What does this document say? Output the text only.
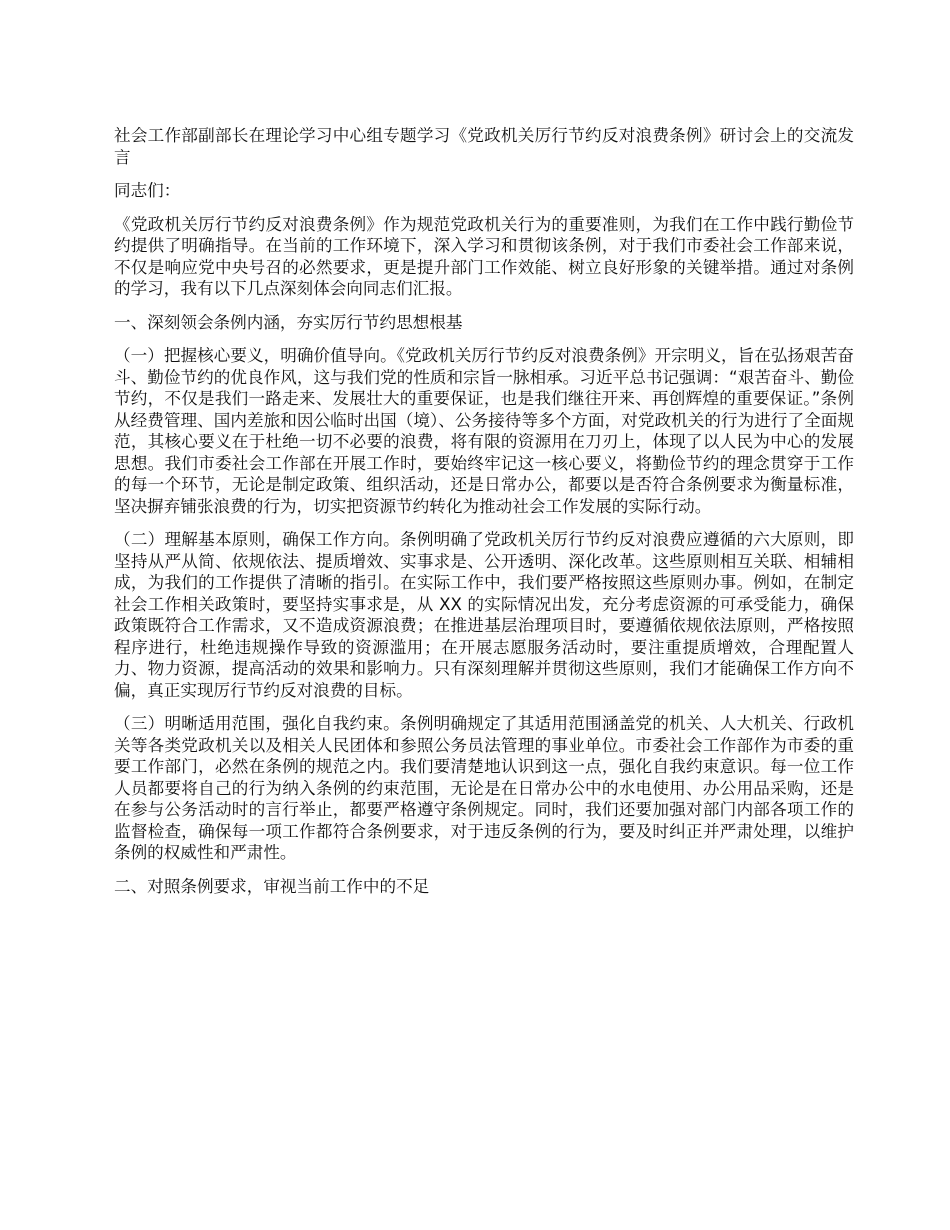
社会工作部副部长在理论学习中心组专题学习《党政机关厉行节约反对浪费条例》研讨会上的交流发言

同志们：

《党政机关厉行节约反对浪费条例》作为规范党政机关行为的重要准则，为我们在工作中践行勤俭节约提供了明确指导。在当前的工作环境下，深入学习和贯彻该条例，对于我们市委社会工作部来说，不仅是响应党中央号召的必然要求，更是提升部门工作效能、树立良好形象的关键举措。通过对条例的学习，我有以下几点深刻体会向同志们汇报。

一、深刻领会条例内涵，夯实厉行节约思想根基

（一）把握核心要义，明确价值导向。《党政机关厉行节约反对浪费条例》开宗明义，旨在弘扬艰苦奋斗、勤俭节约的优良作风，这与我们党的性质和宗旨一脉相承。习近平总书记强调：“艰苦奋斗、勤俭节约，不仅是我们一路走来、发展壮大的重要保证，也是我们继往开来、再创辉煌的重要保证。”条例从经费管理、国内差旅和因公临时出国（境）、公务接待等多个方面，对党政机关的行为进行了全面规范，其核心要义在于杜绝一切不必要的浪费，将有限的资源用在刀刃上，体现了以人民为中心的发展思想。我们市委社会工作部在开展工作时，要始终牢记这一核心要义，将勤俭节约的理念贯穿于工作的每一个环节，无论是制定政策、组织活动，还是日常办公，都要以是否符合条例要求为衡量标准，坚决摒弃铺张浪费的行为，切实把资源节约转化为推动社会工作发展的实际行动。

（二）理解基本原则，确保工作方向。条例明确了党政机关厉行节约反对浪费应遵循的六大原则，即坚持从严从简、依规依法、提质增效、实事求是、公开透明、深化改革。这些原则相互关联、相辅相成，为我们的工作提供了清晰的指引。在实际工作中，我们要严格按照这些原则办事。例如，在制定社会工作相关政策时，要坚持实事求是，从 XX 的实际情况出发，充分考虑资源的可承受能力，确保政策既符合工作需求，又不造成资源浪费；在推进基层治理项目时，要遵循依规依法原则，严格按照程序进行，杜绝违规操作导致的资源滥用；在开展志愿服务活动时，要注重提质增效，合理配置人力、物力资源，提高活动的效果和影响力。只有深刻理解并贯彻这些原则，我们才能确保工作方向不偏，真正实现厉行节约反对浪费的目标。

（三）明晰适用范围，强化自我约束。条例明确规定了其适用范围涵盖党的机关、人大机关、行政机关等各类党政机关以及相关人民团体和参照公务员法管理的事业单位。市委社会工作部作为市委的重要工作部门，必然在条例的规范之内。我们要清楚地认识到这一点，强化自我约束意识。每一位工作人员都要将自己的行为纳入条例的约束范围，无论是在日常办公中的水电使用、办公用品采购，还是在参与公务活动时的言行举止，都要严格遵守条例规定。同时，我们还要加强对部门内部各项工作的监督检查，确保每一项工作都符合条例要求，对于违反条例的行为，要及时纠正并严肃处理，以维护条例的权威性和严肃性。

二、对照条例要求，审视当前工作中的不足
